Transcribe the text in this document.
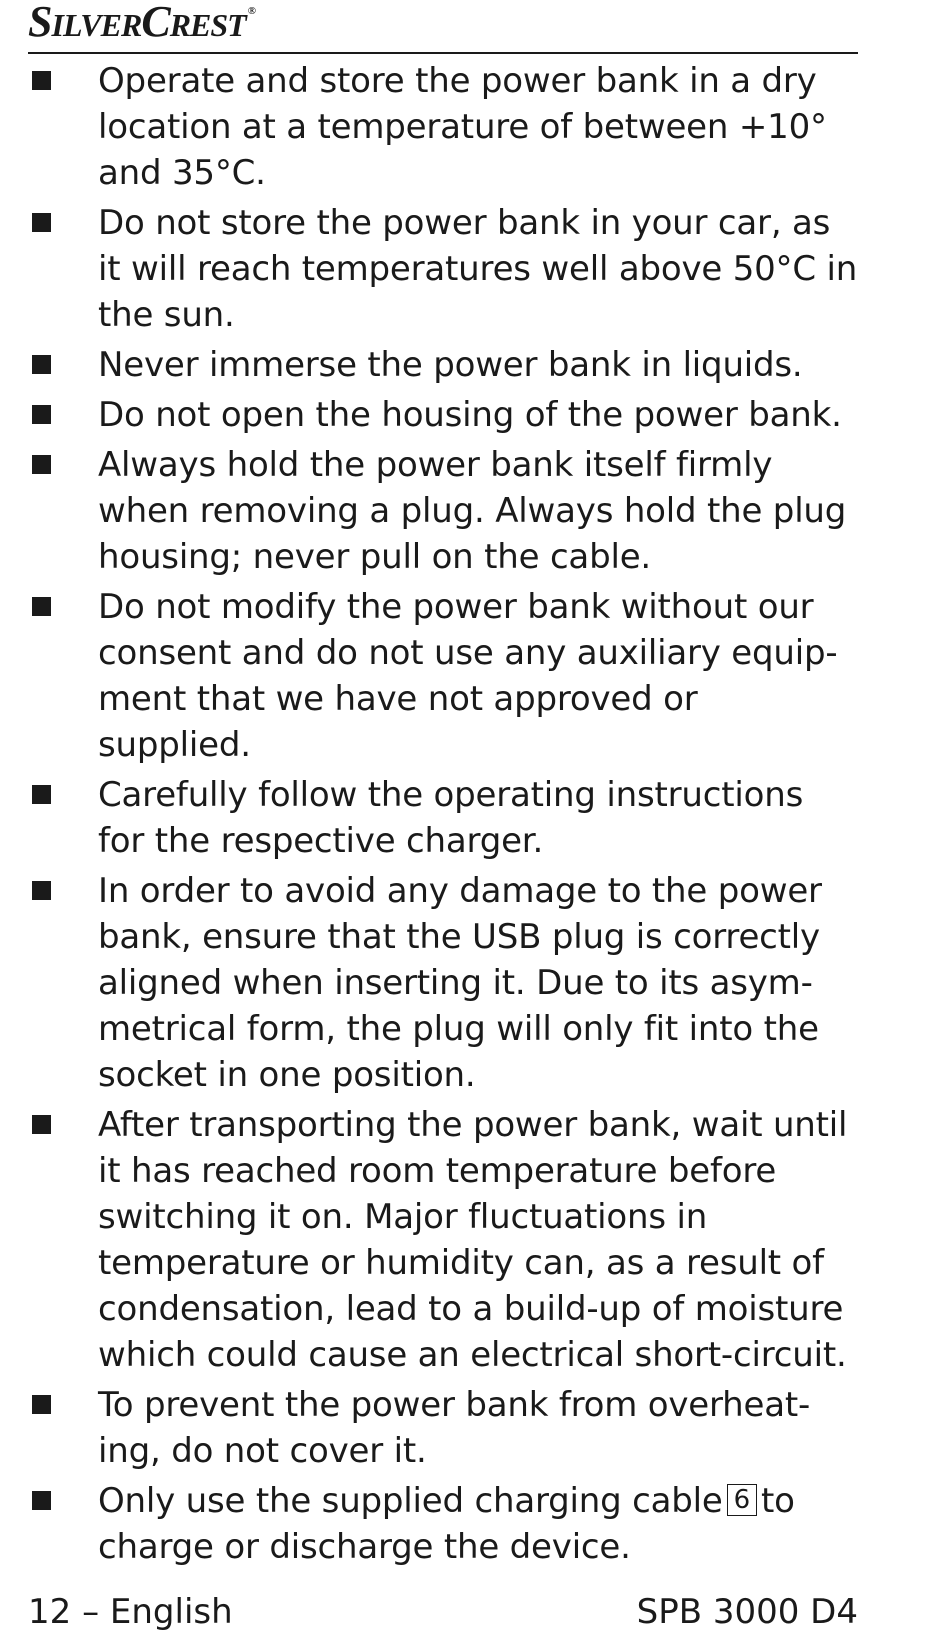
SILVERCREST ®
Operate and store the power bank in a dry location at a temperature of between +10° and 35°C.
Do not store the power bank in your car, as it will reach temperatures well above 50°C in the sun.
Never immerse the power bank in liquids.
Do not open the housing of the power bank.
Always hold the power bank itself firmly when removing a plug. Always hold the plug housing; never pull on the cable.
Do not modify the power bank without our consent and do not use any auxiliary equip-ment that we have not approved or supplied.
Carefully follow the operating instructions for the respective charger.
In order to avoid any damage to the power bank, ensure that the USB plug is correctly aligned when inserting it. Due to its asym-metrical form, the plug will only fit into the socket in one position.
After transporting the power bank, wait until it has reached room temperature before switching it on. Major fluctuations in temperature or humidity can, as a result of condensation, lead to a build-up of moisture which could cause an electrical short-circuit.
To prevent the power bank from overheat-ing, do not cover it.
Only use the supplied charging cable 6 to charge or discharge the device.
12 – English	SPB 3000 D4
